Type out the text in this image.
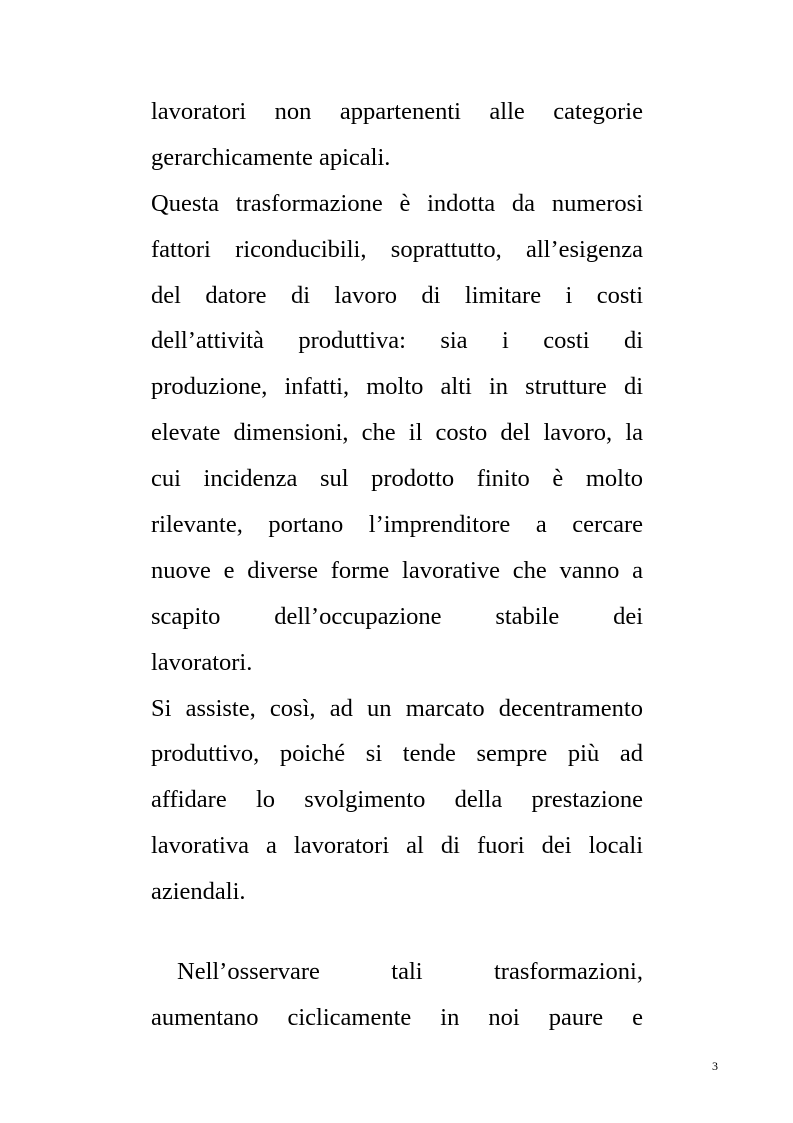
lavoratori non appartenenti alle categorie
gerarchicamente apicali.
Questa trasformazione è indotta da numerosi
fattori riconducibili, soprattutto, all’esigenza
del datore di lavoro di limitare i costi
dell’attività produttiva: sia i costi di
produzione, infatti, molto alti in strutture di
elevate dimensioni, che il costo del lavoro, la
cui incidenza sul prodotto finito è molto
rilevante, portano l’imprenditore a cercare
nuove e diverse forme lavorative che vanno a
scapito dell’occupazione stabile dei
lavoratori.
Si assiste, così, ad un marcato decentramento
produttivo, poiché si tende sempre più ad
affidare lo svolgimento della prestazione
lavorativa a lavoratori al di fuori dei locali
aziendali.
Nell’osservare tali trasformazioni,
aumentano ciclicamente in noi paure e
3
